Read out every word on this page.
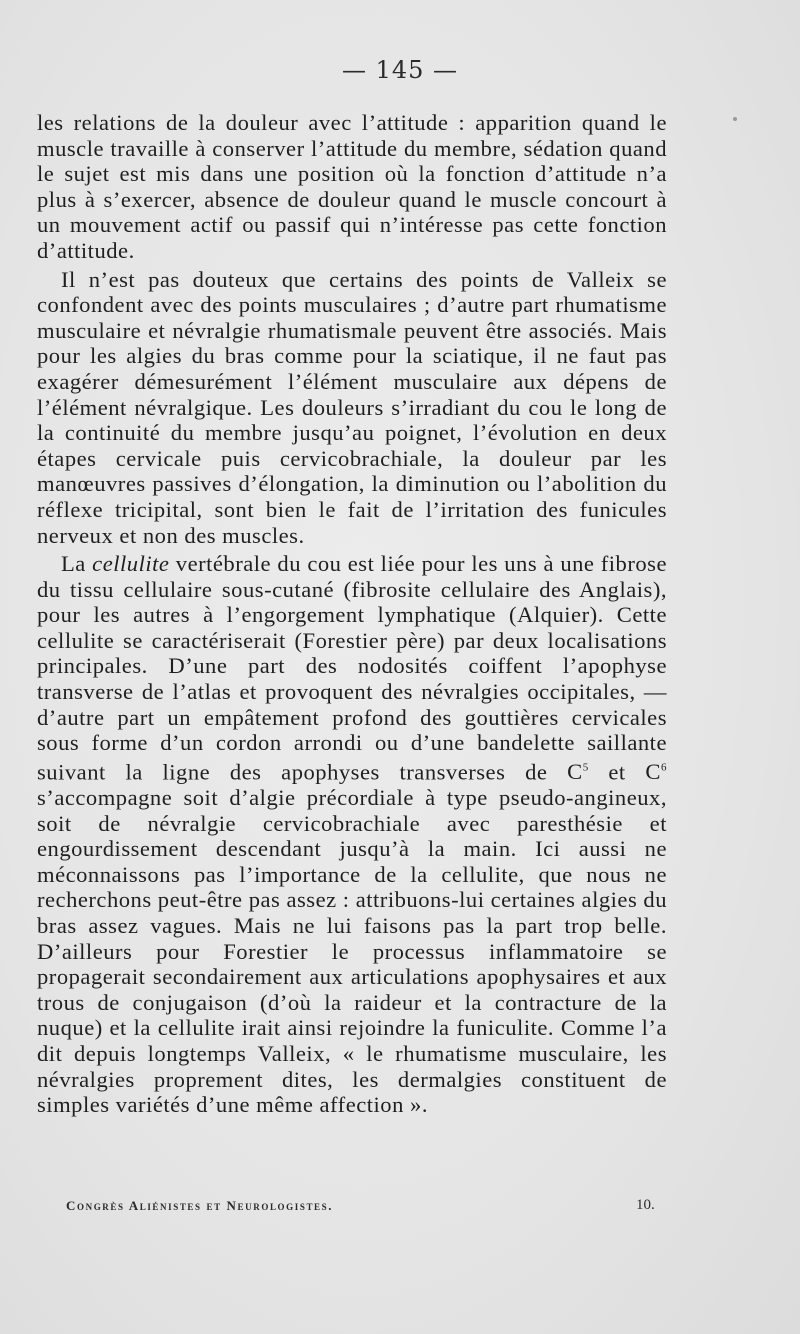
— 145 —

les relations de la douleur avec l’attitude : apparition quand le muscle travaille à conserver l’attitude du membre, sédation quand le sujet est mis dans une position où la fonction d’attitude n’a plus à s’exercer, absence de douleur quand le muscle concourt à un mouvement actif ou passif qui n’intéresse pas cette fonction d’attitude.

Il n’est pas douteux que certains des points de Valleix se confondent avec des points musculaires ; d’autre part rhumatisme musculaire et névralgie rhumatismale peuvent être associés. Mais pour les algies du bras comme pour la sciatique, il ne faut pas exagérer démesurément l’élément musculaire aux dépens de l’élément névralgique. Les douleurs s’irradiant du cou le long de la continuité du membre jusqu’au poignet, l’évolution en deux étapes cervicale puis cervicobrachiale, la douleur par les manœuvres passives d’élongation, la diminution ou l’abolition du réflexe tricipital, sont bien le fait de l’irritation des funicules nerveux et non des muscles.

La cellulite vertébrale du cou est liée pour les uns à une fibrose du tissu cellulaire sous-cutané (fibrosite cellulaire des Anglais), pour les autres à l’engorgement lymphatique (Alquier). Cette cellulite se caractériserait (Forestier père) par deux localisations principales. D’une part des nodosités coiffent l’apophyse transverse de l’atlas et provoquent des névralgies occipitales, — d’autre part un empâtement profond des gouttières cervicales sous forme d’un cordon arrondi ou d’une bandelette saillante suivant la ligne des apophyses transverses de $C^5$ et $C^6$ s’accompagne soit d’algie précordiale à type pseudo-angineux, soit de névralgie cervicobrachiale avec paresthésie et engourdissement descendant jusqu’à la main. Ici aussi ne méconnaissons pas l’importance de la cellulite, que nous ne recherchons peut-être pas assez : attribuons-lui certaines algies du bras assez vagues. Mais ne lui faisons pas la part trop belle. D’ailleurs pour Forestier le processus inflammatoire se propagerait secondairement aux articulations apophysaires et aux trous de conjugaison (d’où la raideur et la contracture de la nuque) et la cellulite irait ainsi rejoindre la funiculite. Comme l’a dit depuis longtemps Valleix, « le rhumatisme musculaire, les névralgies proprement dites, les dermalgies constituent de simples variétés d’une même affection ».

Congrès Aliénistes et Neurologistes.	10.
